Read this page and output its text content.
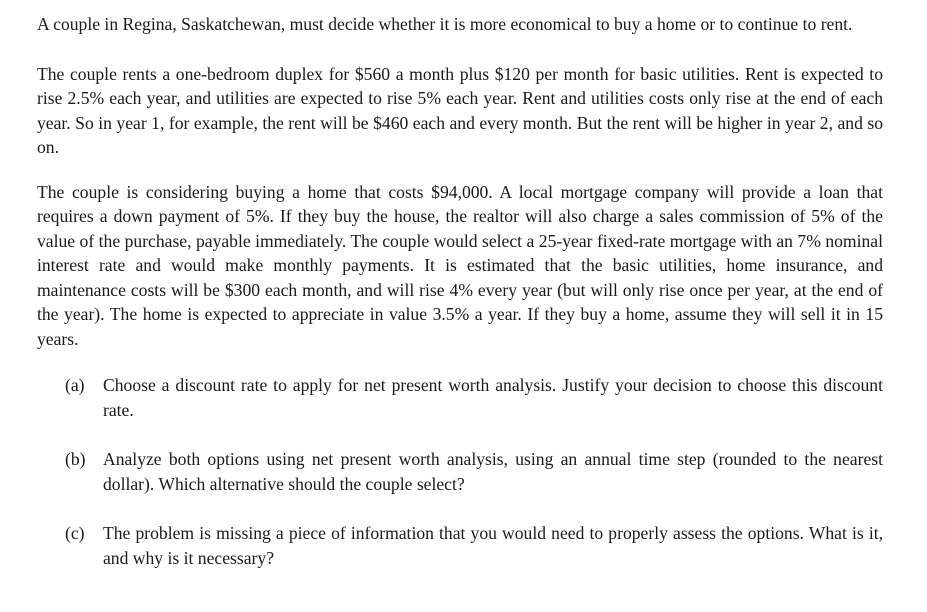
A couple in Regina, Saskatchewan, must decide whether it is more economical to buy a home or to continue to rent.

The couple rents a one-bedroom duplex for $560 a month plus $120 per month for basic utilities. Rent is expected to rise 2.5% each year, and utilities are expected to rise 5% each year. Rent and utilities costs only rise at the end of each year. So in year 1, for example, the rent will be $460 each and every month. But the rent will be higher in year 2, and so on.

The couple is considering buying a home that costs $94,000. A local mortgage company will provide a loan that requires a down payment of 5%. If they buy the house, the realtor will also charge a sales commission of 5% of the value of the purchase, payable immediately. The couple would select a 25-year fixed-rate mortgage with an 7% nominal interest rate and would make monthly payments. It is estimated that the basic utilities, home insurance, and maintenance costs will be $300 each month, and will rise 4% every year (but will only rise once per year, at the end of the year). The home is expected to appreciate in value 3.5% a year. If they buy a home, assume they will sell it in 15 years.

(a)	Choose a discount rate to apply for net present worth analysis. Justify your decision to choose this discount rate.
(b) Analyze both options using net present worth analysis, using an annual time step (rounded to the nearest dollar). Which alternative should the couple select?
(c)	The problem is missing a piece of information that you would need to properly assess the options. What is it, and why is it necessary?
